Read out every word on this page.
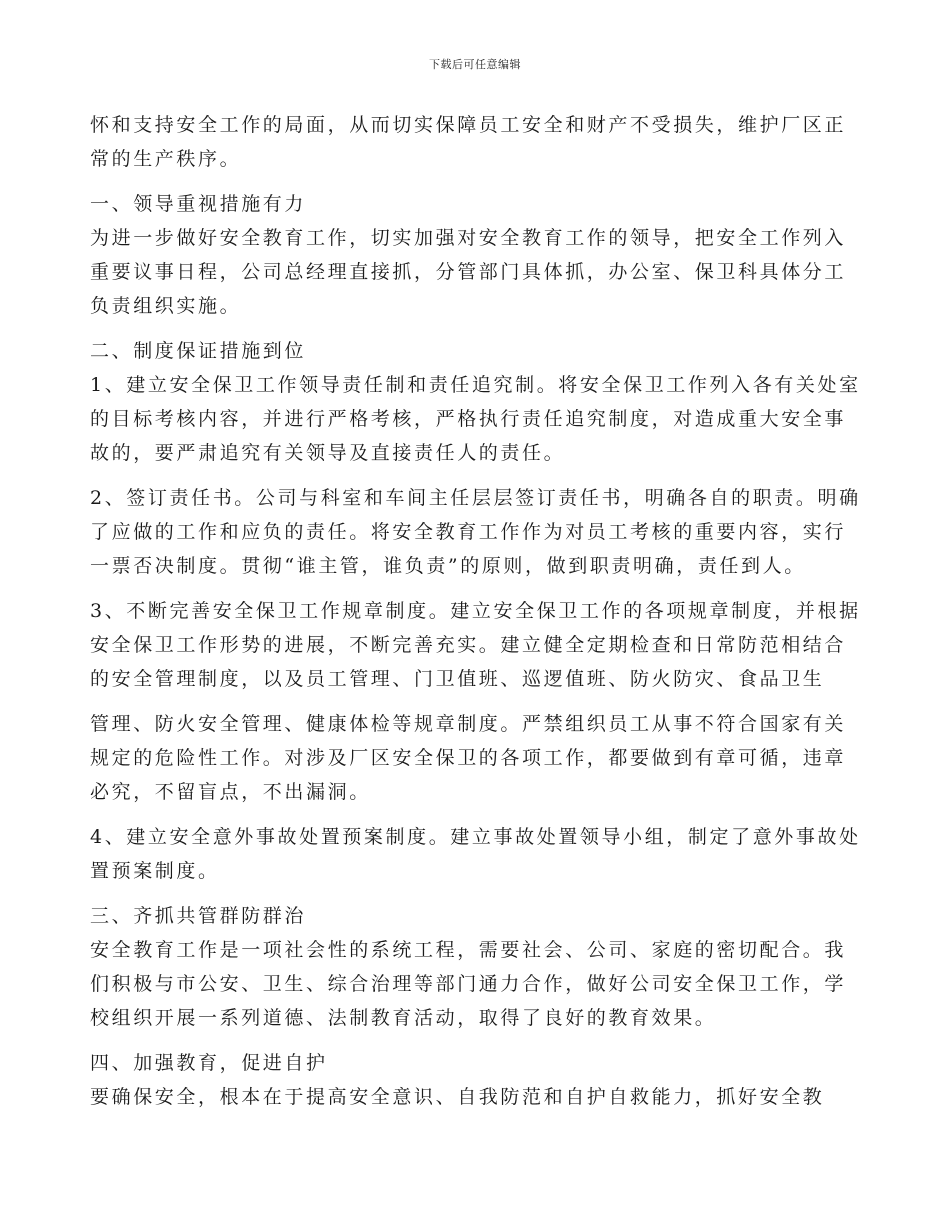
下载后可任意编辑
怀和支持安全工作的局面，从而切实保障员工安全和财产不受损失，维护厂区正
常的生产秩序。
一、领导重视措施有力
为进一步做好安全教育工作，切实加强对安全教育工作的领导，把安全工作列入
重要议事日程，公司总经理直接抓，分管部门具体抓，办公室、保卫科具体分工
负责组织实施。
二、制度保证措施到位
1、建立安全保卫工作领导责任制和责任追究制。将安全保卫工作列入各有关处室
的目标考核内容，并进行严格考核，严格执行责任追究制度，对造成重大安全事
故的，要严肃追究有关领导及直接责任人的责任。
2、签订责任书。公司与科室和车间主任层层签订责任书，明确各自的职责。明确
了应做的工作和应负的责任。将安全教育工作作为对员工考核的重要内容，实行
一票否决制度。贯彻“谁主管，谁负责”的原则，做到职责明确，责任到人。
3、不断完善安全保卫工作规章制度。建立安全保卫工作的各项规章制度，并根据
安全保卫工作形势的进展，不断完善充实。建立健全定期检查和日常防范相结合
的安全管理制度，以及员工管理、门卫值班、巡逻值班、防火防灾、食品卫生
管理、防火安全管理、健康体检等规章制度。严禁组织员工从事不符合国家有关
规定的危险性工作。对涉及厂区安全保卫的各项工作，都要做到有章可循，违章
必究，不留盲点，不出漏洞。
4、建立安全意外事故处置预案制度。建立事故处置领导小组，制定了意外事故处
置预案制度。
三、齐抓共管群防群治
安全教育工作是一项社会性的系统工程，需要社会、公司、家庭的密切配合。我
们积极与市公安、卫生、综合治理等部门通力合作，做好公司安全保卫工作，学
校组织开展一系列道德、法制教育活动，取得了良好的教育效果。
四、加强教育，促进自护
要确保安全，根本在于提高安全意识、自我防范和自护自救能力，抓好安全教
